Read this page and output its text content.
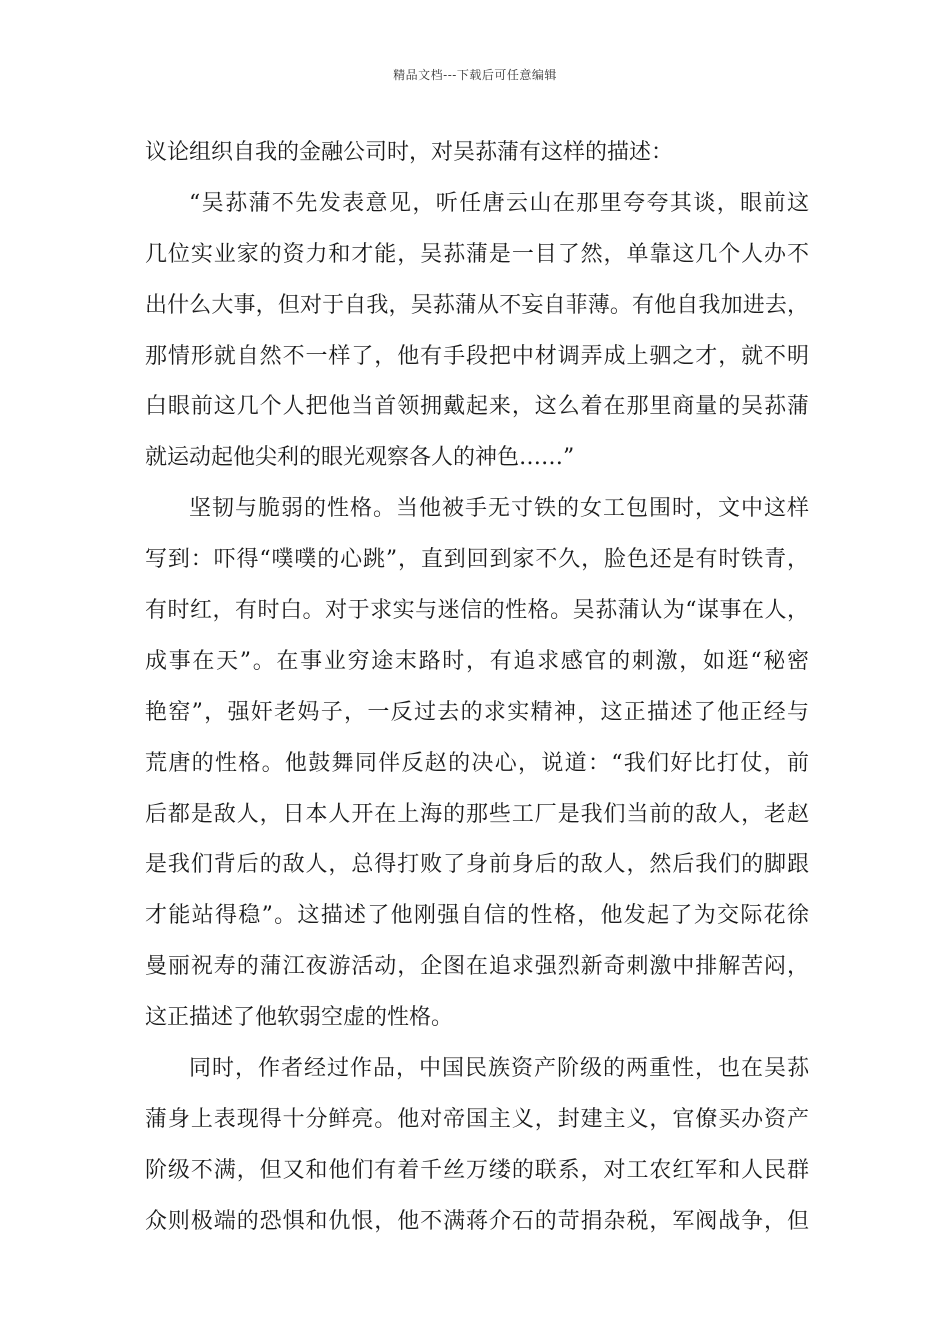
精品文档---下载后可任意编辑
议论组织自我的金融公司时，对吴荪蒲有这样的描述：
“吴荪蒲不先发表意见，听任唐云山在那里夸夸其谈，眼前这
几位实业家的资力和才能，吴荪蒲是一目了然，单靠这几个人办不
出什么大事，但对于自我，吴荪蒲从不妄自菲薄。有他自我加进去，
那情形就自然不一样了，他有手段把中材调弄成上驷之才，就不明
白眼前这几个人把他当首领拥戴起来，这么着在那里商量的吴荪蒲
就运动起他尖利的眼光观察各人的神色……”
坚韧与脆弱的性格。当他被手无寸铁的女工包围时，文中这样
写到：吓得“噗噗的心跳”，直到回到家不久，脸色还是有时铁青，
有时红，有时白。对于求实与迷信的性格。吴荪蒲认为“谋事在人，
成事在天”。在事业穷途末路时，有追求感官的刺激，如逛“秘密
艳窑”，强奸老妈子，一反过去的求实精神，这正描述了他正经与
荒唐的性格。他鼓舞同伴反赵的决心，说道：“我们好比打仗，前
后都是敌人，日本人开在上海的那些工厂是我们当前的敌人，老赵
是我们背后的敌人，总得打败了身前身后的敌人，然后我们的脚跟
才能站得稳”。这描述了他刚强自信的性格，他发起了为交际花徐
曼丽祝寿的蒲江夜游活动，企图在追求强烈新奇刺激中排解苦闷，
这正描述了他软弱空虚的性格。
同时，作者经过作品，中国民族资产阶级的两重性，也在吴荪
蒲身上表现得十分鲜亮。他对帝国主义，封建主义，官僚买办资产
阶级不满，但又和他们有着千丝万缕的联系，对工农红军和人民群
众则极端的恐惧和仇恨，他不满蒋介石的苛捐杂税，军阀战争，但
